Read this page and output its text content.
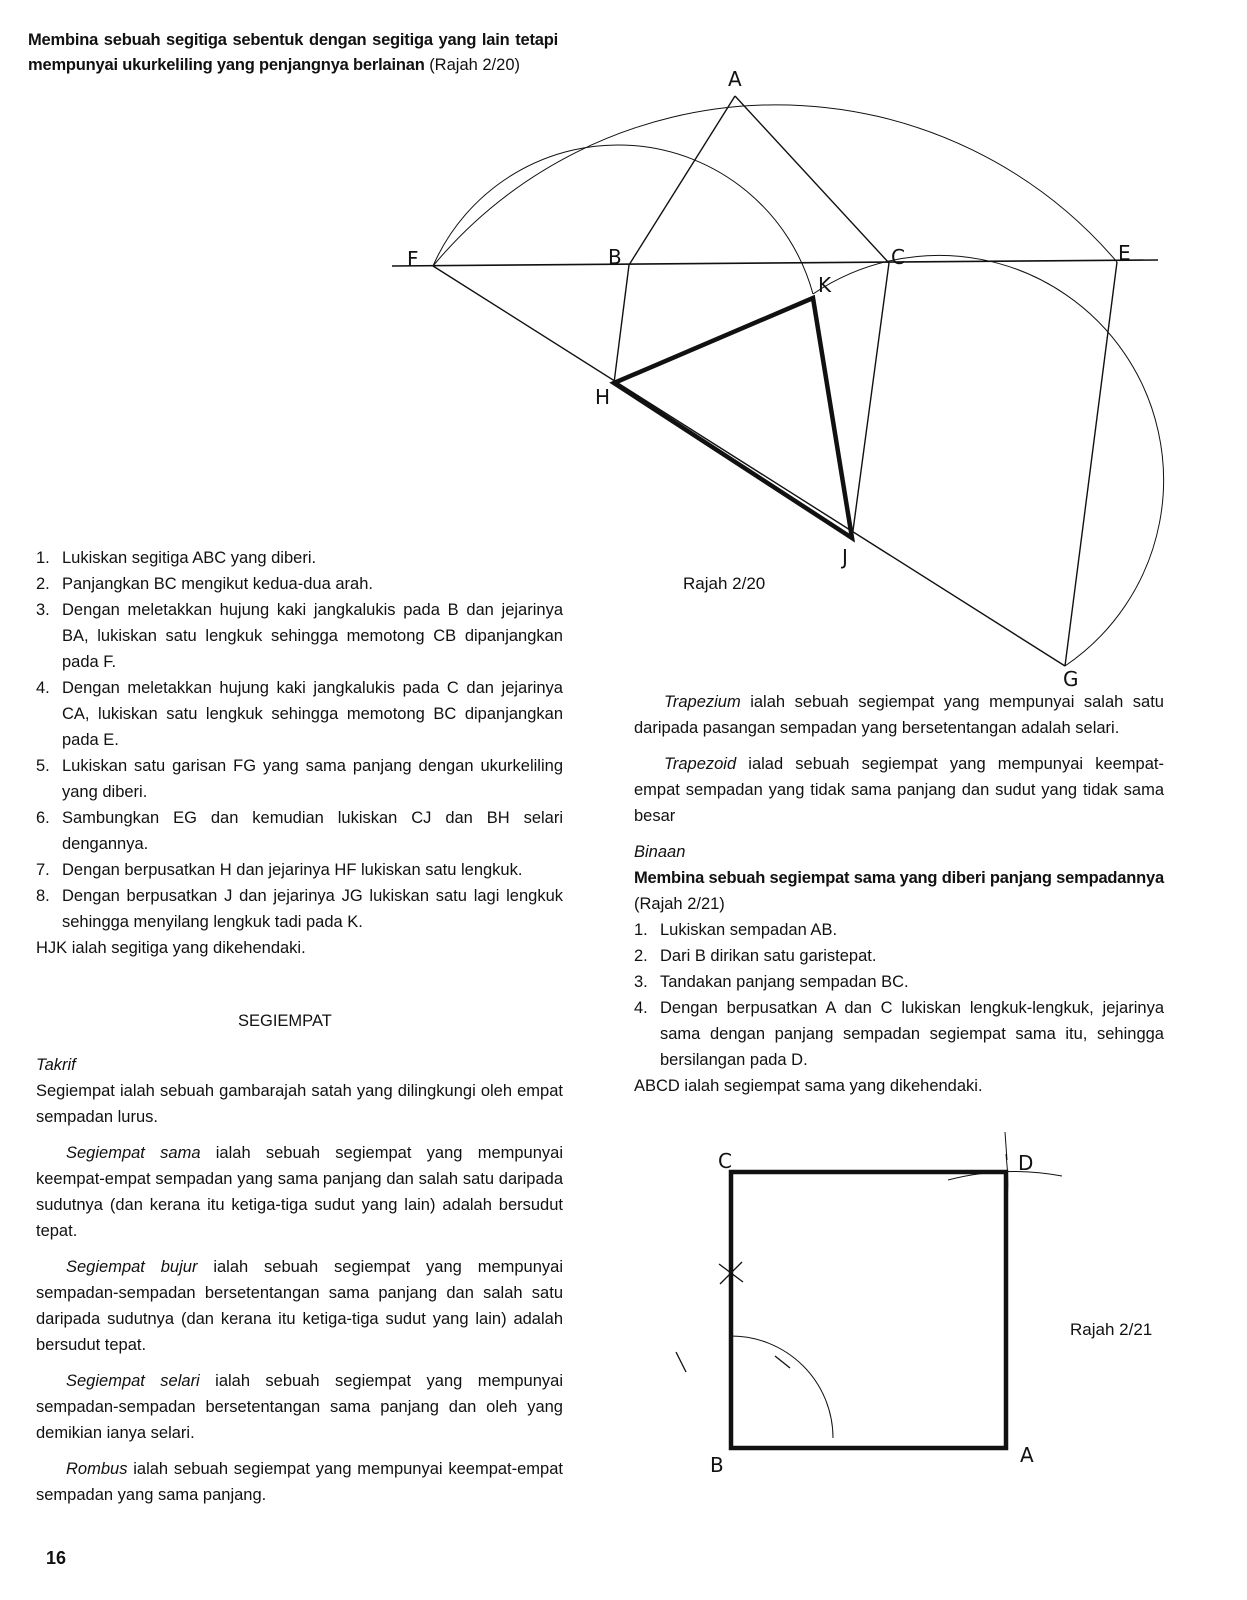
A
B	C	E
F
H
K
J
G
Rajah 2/20
C	D
B	A
Rajah 2/21
Membina sebuah segitiga sebentuk dengan segitiga yang lain tetapi mempunyai ukurkeliling yang penjangnya berlainan (Rajah 2/20)
1. Lukiskan segitiga ABC yang diberi.
2. Panjangkan BC mengikut kedua-dua arah.
3. Dengan meletakkan hujung kaki jangkalukis pada B dan jejarinya BA, lukiskan satu lengkuk sehingga memotong CB dipanjangkan pada F.
4. Dengan meletakkan hujung kaki jangkalukis pada C dan jejarinya CA, lukiskan satu lengkuk sehingga memotong BC dipanjangkan pada E.
5. Lukiskan satu garisan FG yang sama panjang dengan ukurkeliling yang diberi.
6. Sambungkan EG dan kemudian lukiskan CJ dan BH selari dengannya.
7. Dengan berpusatkan H dan jejarinya HF lukiskan satu lengkuk.
8. Dengan berpusatkan J dan jejarinya JG lukiskan satu lagi lengkuk sehingga menyilang lengkuk tadi pada K.
HJK ialah segitiga yang dikehendaki.
SEGIEMPAT
Takrif

Segiempat ialah sebuah gambarajah satah yang dilingkungi oleh empat sempadan lurus.

Segiempat sama ialah sebuah segiempat yang mempunyai keempat-empat sempadan yang sama panjang dan salah satu daripada sudutnya (dan kerana itu ketiga-tiga sudut yang lain) adalah bersudut tepat.

Segiempat bujur ialah sebuah segiempat yang mempunyai sempadan-sempadan bersetentangan sama panjang dan salah satu daripada sudutnya (dan kerana itu ketiga-tiga sudut yang lain) adalah bersudut tepat.

Segiempat selari ialah sebuah segiempat yang mempunyai sempadan-sempadan bersetentangan sama panjang dan oleh yang demikian ianya selari.

Rombus ialah sebuah segiempat yang mempunyai keempat-empat sempadan yang sama panjang.

Trapezium ialah sebuah segiempat yang mempunyai salah satu daripada pasangan sempadan yang bersetentangan adalah selari.

Trapezoid ialad sebuah segiempat yang mempunyai keempat-empat sempadan yang tidak sama panjang dan sudut yang tidak sama besar

Binaan
Membina sebuah segiempat sama yang diberi panjang sempadannya (Rajah 2/21)
1. Lukiskan sempadan AB.
2. Dari B dirikan satu garistepat.
3. Tandakan panjang sempadan BC.
4. Dengan berpusatkan A dan C lukiskan lengkuk-lengkuk, jejarinya sama dengan panjang sempadan segiempat sama itu, sehingga bersilangan pada D.
ABCD ialah segiempat sama yang dikehendaki.
16
